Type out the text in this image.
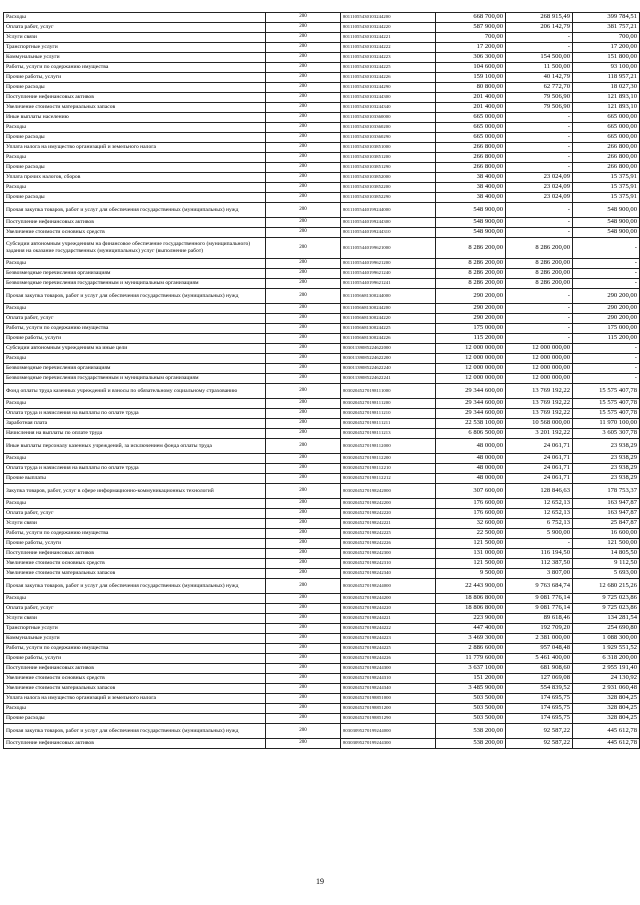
Расходы	200	80111055430103244200	668 700,00	268 915,49	399 784,51
Оплата работ, услуг	200	80111055430103244220	587 900,00	206 142,79	381 757,21
Услуги связи	200	80111055430103244221	700,00	-	700,00
Транспортные услуги	200	80111055430103244222	17 200,00	-	17 200,00
Коммунальные услуги	200	80111055430103244223	306 300,00	154 500,00	151 800,00
Работы, услуги по содержанию имущества	200	80111055430103244225	104 600,00	11 500,00	93 100,00
Прочие работы, услуги	200	80111055430103244226	159 100,00	40 142,79	118 957,21
Прочие расходы	200	80111055430103244290	80 800,00	62 772,70	18 027,30
Поступление нефинансовых активов	200	80111055430103244300	201 400,00	79 506,90	121 893,10
Увеличение стоимости материальных запасов	200	80111055430103244340	201 400,00	79 506,90	121 893,10
Иные выплаты населению	200	80111055430103360000	665 000,00	-	665 000,00
Расходы	200	80111055430103360200	665 000,00	-	665 000,00
Прочие расходы	200	80111055430103360290	665 000,00	-	665 000,00
Уплата налога на имущество организаций и земельного налога	200	80111055430103851000	266 800,00	-	266 800,00
Расходы	200	80111055430103851200	266 800,00	-	266 800,00
Прочие расходы	200	80111055430103851290	266 800,00	-	266 800,00
Уплата прочих налогов, сборов	200	80111055430103852000	38 400,00	23 024,09	15 375,91
Расходы	200	80111055430103852200	38 400,00	23 024,09	15 375,91
Прочие расходы	200	80111055430103852290	38 400,00	23 024,09	15 375,91
Прочая закупка товаров, работ и услуг для обеспечения государственных (муниципальных) нужд	200	80111055440199244000	548 900,00	-	548 900,00
Поступление нефинансовых активов	200	80111055440199244300	548 900,00	-	548 900,00
Увеличение стоимости основных средств	200	80111055440199244310	548 900,00	-	548 900,00
Субсидии автономным учреждениям на финансовое обеспечение государственного (муниципального) задания на оказание государственных (муниципальных) услуг (выполнение работ)	200	80111055440199621000	8 286 200,00	8 286 200,00	-
Расходы	200	80111055440199621200	8 286 200,00	8 286 200,00	-
Безвозмездные перечисления организациям	200	80111055440199621240	8 286 200,00	8 286 200,00	-
Безвозмездные перечисления государственным и муниципальным организациям	200	80111055440199621241	8 286 200,00	8 286 200,00	-
Прочая закупка товаров, работ и услуг для обеспечения государственных (муниципальных) нужд	200	80111056681300244000	290 200,00	-	290 200,00
Расходы	200	80111056681300244200	290 200,00	-	290 200,00
Оплата работ, услуг	200	80111056681300244220	290 200,00	-	290 200,00
Работы, услуги по содержанию имущества	200	80111056681300244225	175 000,00	-	175 000,00
Прочие работы, услуги	200	80111056681300244226	115 200,00	-	115 200,00
Субсидии автономным учреждениям на иные цели	200	80301139085224622000	12 000 000,00	12 000 000,00	-
Расходы	200	80301139085224622200	12 000 000,00	12 000 000,00	-
Безвозмездные перечисления организациям	200	80301139085224622240	12 000 000,00	12 000 000,00	-
Безвозмездные перечисления государственным и муниципальным организациям	200	80301139085224622241	12 000 000,00	12 000 000,00	-
Фонд оплаты труда казенных учреждений и взносы по обязательному социальному страхованию	200	80302045270198111000	29 344 600,00	13 769 192,22	15 575 407,78
Расходы	200	80302045270198111200	29 344 600,00	13 769 192,22	15 575 407,78
Оплата труда и начисления на выплаты по оплате труда	200	80302045270198111210	29 344 600,00	13 769 192,22	15 575 407,78
Заработная плата	200	80302045270198111211	22 538 100,00	10 568 000,00	11 970 100,00
Начисления на выплаты по оплате труда	200	80302045270198111213	6 806 500,00	3 201 192,22	3 605 307,78
Иные выплаты персоналу казенных учреждений, за исключением фонда оплаты труда	200	80302045270198112000	48 000,00	24 061,71	23 938,29
Расходы	200	80302045270198112200	48 000,00	24 061,71	23 938,29
Оплата труда и начисления на выплаты по оплате труда	200	80302045270198112210	48 000,00	24 061,71	23 938,29
Прочие выплаты	200	80302045270198112212	48 000,00	24 061,71	23 938,29
Закупка товаров, работ, услуг в сфере информационно-коммуникационных технологий	200	80302045270198242000	307 600,00	128 846,63	178 753,37
Расходы	200	80302045270198242200	176 600,00	12 652,13	163 947,87
Оплата работ, услуг	200	80302045270198242220	176 600,00	12 652,13	163 947,87
Услуги связи	200	80302045270198242221	32 600,00	6 752,13	25 847,87
Работы, услуги по содержанию имущества	200	80302045270198242225	22 500,00	5 900,00	16 600,00
Прочие работы, услуги	200	80302045270198242226	121 500,00	-	121 500,00
Поступление нефинансовых активов	200	80302045270198242300	131 000,00	116 194,50	14 805,50
Увеличение стоимости основных средств	200	80302045270198242310	121 500,00	112 387,50	9 112,50
Увеличение стоимости материальных запасов	200	80302045270198242340	9 500,00	3 807,00	5 693,00
Прочая закупка товаров, работ и услуг для обеспечения государственных (муниципальных) нужд	200	80302045270198244000	22 443 900,00	9 763 684,74	12 680 215,26
Расходы	200	80302045270198244200	18 806 800,00	9 081 776,14	9 725 023,86
Оплата работ, услуг	200	80302045270198244220	18 806 800,00	9 081 776,14	9 725 023,86
Услуги связи	200	80302045270198244221	223 900,00	89 618,46	134 281,54
Транспортные услуги	200	80302045270198244222	447 400,00	192 709,20	254 690,80
Коммунальные услуги	200	80302045270198244223	3 469 300,00	2 381 000,00	1 088 300,00
Работы, услуги по содержанию имущества	200	80302045270198244225	2 886 600,00	957 048,48	1 929 551,52
Прочие работы, услуги	200	80302045270198244226	11 779 600,00	5 461 400,00	6 318 200,00
Поступление нефинансовых активов	200	80302045270198244300	3 637 100,00	681 908,60	2 955 191,40
Увеличение стоимости основных средств	200	80302045270198244310	151 200,00	127 069,08	24 130,92
Увеличение стоимости материальных запасов	200	80302045270198244340	3 485 900,00	554 839,52	2 931 060,48
Уплата налога на имущество организаций и земельного налога	200	80302045270198851000	503 500,00	174 695,75	328 804,25
Расходы	200	80302045270198851200	503 500,00	174 695,75	328 804,25
Прочие расходы	200	80302045270198851290	503 500,00	174 695,75	328 804,25
Прочая закупка товаров, работ и услуг для обеспечения государственных (муниципальных) нужд	200	80303095270199244000	538 200,00	92 587,22	445 612,78
Поступление нефинансовых активов	200	80303095270199244300	538 200,00	92 587,22	445 612,78
19
